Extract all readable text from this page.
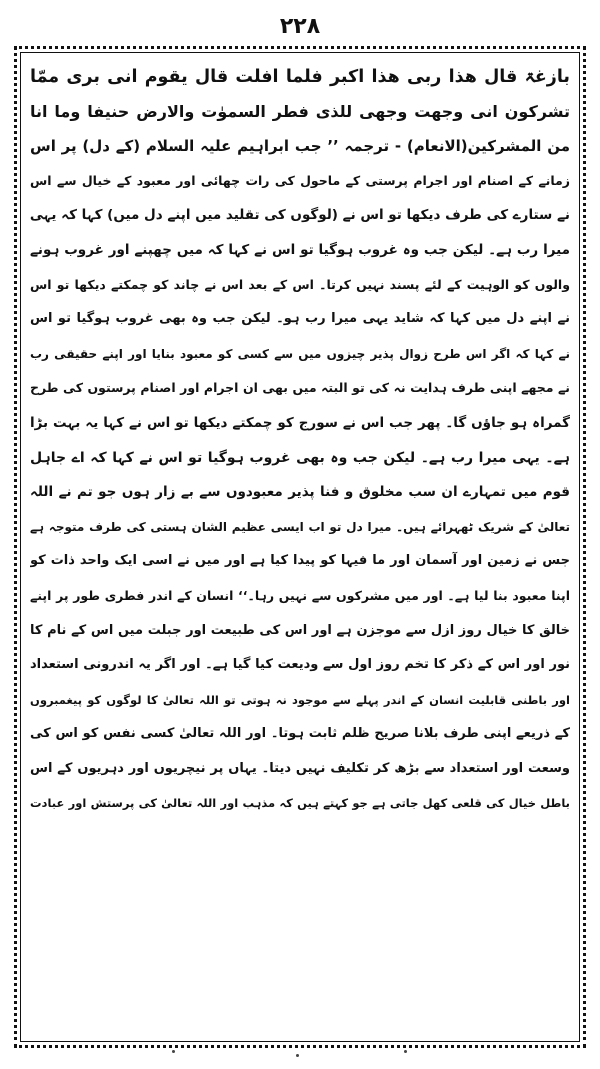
۲۲۸
بازغۃ قال ھذا ربی ھذا اکبر فلما افلت قال یقوم انی بری ممّا
تشرکون انی وجھت وجھی للذی فطر السموٰت والارض حنیفا وما انا
من المشرکین(الانعام) - ترجمہ ’’ جب ابراہیم علیہ السلام (کے دل) پر اس
زمانے کے اصنام اور اجرام پرستی کے ماحول کی رات چھائی اور معبود کے خیال سے اس
نے ستارے کی طرف دیکھا تو اس نے (لوگوں کی تقلید میں اپنے دل میں) کہا کہ یہی
میرا رب ہے۔ لیکن جب وہ غروب ہوگیا تو اس نے کہا کہ میں چھپنے اور غروب ہونے
والوں کو الوہیت کے لئے پسند نہیں کرتا۔ اس کے بعد اس نے چاند کو چمکتے دیکھا تو اس
نے اپنے دل میں کہا کہ شاید یہی میرا رب ہو۔ لیکن جب وہ بھی غروب ہوگیا تو اس
نے کہا کہ اگر اس طرح زوال پذیر چیزوں میں سے کسی کو معبود بنایا اور اپنے حقیقی رب
نے مجھے اپنی طرف ہدایت نہ کی تو البتہ میں بھی ان اجرام اور اصنام پرستوں کی طرح
گمراہ ہو جاؤں گا۔ پھر جب اس نے سورج کو چمکتے دیکھا تو اس نے کہا یہ بہت بڑا
ہے۔ یہی میرا رب ہے۔ لیکن جب وہ بھی غروب ہوگیا تو اس نے کہا کہ اے جاہل
قوم میں تمہارے ان سب مخلوق و فنا پذیر معبودوں سے بے زار ہوں جو تم نے اللہ
تعالیٰ کے شریک ٹھہرائے ہیں۔ میرا دل تو اب ایسی عظیم الشان ہستی کی طرف متوجہ ہے
جس نے زمین اور آسمان اور ما فیہا کو پیدا کیا ہے اور میں نے اسی ایک واحد ذات کو
اپنا معبود بنا لیا ہے۔ اور میں مشرکوں سے نہیں رہا۔‘‘ انسان کے اندر فطری طور پر اپنے
خالق کا خیال روز ازل سے موجزن ہے اور اس کی طبیعت اور جبلت میں اس کے نام کا
نور اور اس کے ذکر کا تخم روز اول سے ودیعت کیا گیا ہے۔ اور اگر یہ اندرونی استعداد
اور باطنی قابلیت انسان کے اندر پہلے سے موجود نہ ہوتی تو اللہ تعالیٰ کا لوگوں کو پیغمبروں
کے ذریعے اپنی طرف بلانا صریح ظلم ثابت ہوتا۔ اور اللہ تعالیٰ کسی نفس کو اس کی
وسعت اور استعداد سے بڑھ کر تکلیف نہیں دیتا۔ یہاں پر نیچریوں اور دہریوں کے اس
باطل خیال کی قلعی کھل جاتی ہے جو کہتے ہیں کہ مذہب اور اللہ تعالیٰ کی پرستش اور عبادت
